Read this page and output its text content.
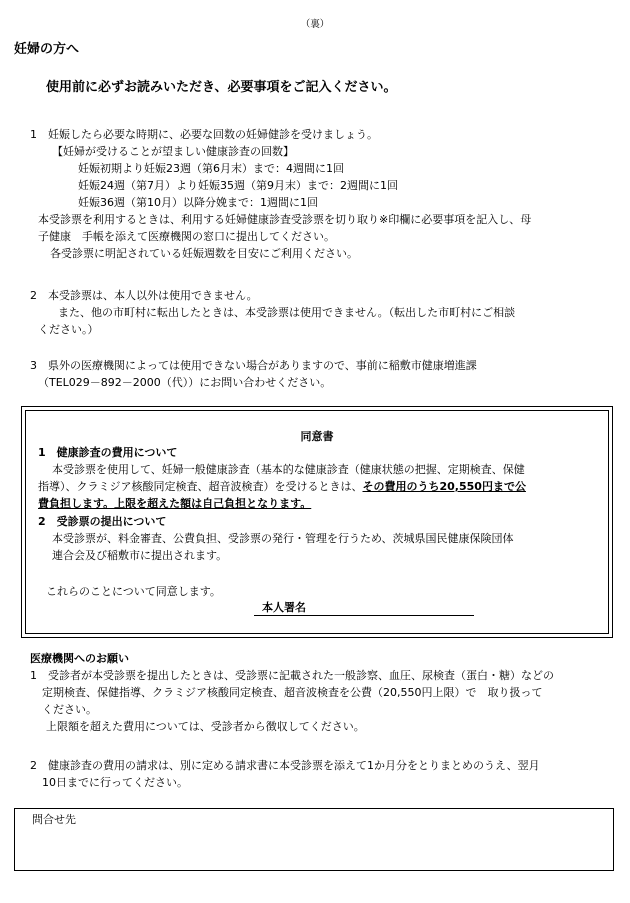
（裏）
妊婦の方へ
使用前に必ずお読みいただき、必要事項をご記入ください。
1　妊娠したら必要な時期に、必要な回数の妊婦健診を受けましょう。
【妊婦が受けることが望ましい健康診査の回数】
妊娠初期より妊娠23週（第6月末）まで：4週間に1回
妊娠24週（第7月）より妊娠35週（第9月末）まで：2週間に1回
妊娠36週（第10月）以降分娩まで：1週間に1回
本受診票を利用するときは、利用する妊婦健康診査受診票を切り取り※印欄に必要事項を記入し、母
子健康　手帳を添えて医療機関の窓口に提出してください。
各受診票に明記されている妊娠週数を目安にご利用ください。
2　本受診票は、本人以外は使用できません。
また、他の市町村に転出したときは、本受診票は使用できません。（転出した市町村にご相談
ください。）
3　県外の医療機関によっては使用できない場合がありますので、事前に稲敷市健康増進課
（TEL029－892－2000（代））にお問い合わせください。
同意書
1　健康診査の費用について
本受診票を使用して、妊婦一般健康診査（基本的な健康診査（健康状態の把握、定期検査、保健
指導）、クラミジア核酸同定検査、超音波検査）を受けるときは、その費用のうち20,550円まで公
費負担します。上限を超えた額は自己負担となります。
2　受診票の提出について
本受診票が、料金審査、公費負担、受診票の発行・管理を行うため、茨城県国民健康保険団体
連合会及び稲敷市に提出されます。
これらのことについて同意します。
本人署名
医療機関へのお願い
1　受診者が本受診票を提出したときは、受診票に記載された一般診察、血圧、尿検査（蛋白・糖）などの
定期検査、保健指導、クラミジア核酸同定検査、超音波検査を公費（20,550円上限）で　取り扱って
ください。
上限額を超えた費用については、受診者から徴収してください。
2　健康診査の費用の請求は、別に定める請求書に本受診票を添えて1か月分をとりまとめのうえ、翌月
10日までに行ってください。
問合せ先
